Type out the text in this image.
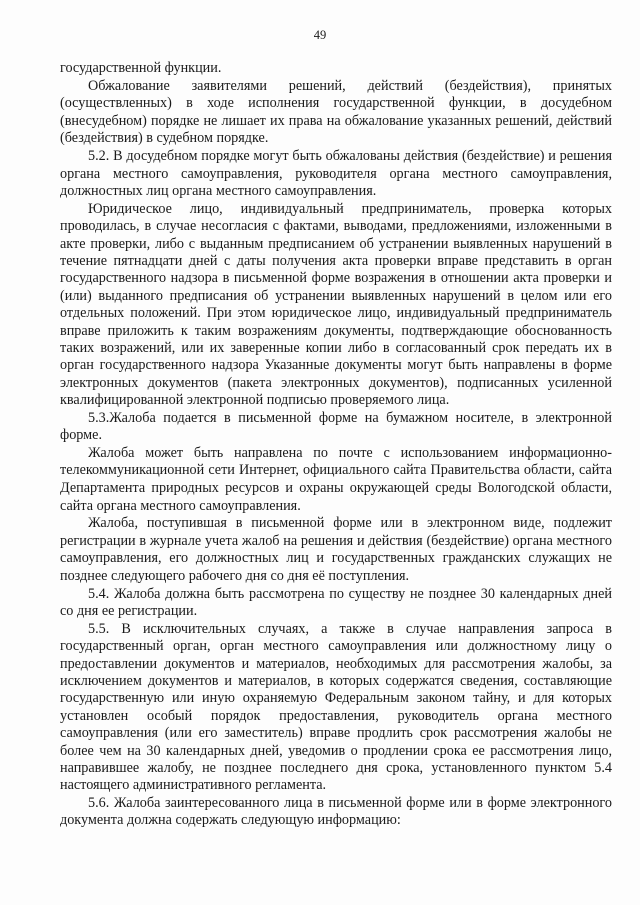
49

государственной функции.

Обжалование заявителями решений, действий (бездействия), принятых (осуществленных) в ходе исполнения государственной функции, в досудебном (внесудебном) порядке не лишает их права на обжалование указанных решений, действий (бездействия) в судебном порядке.

5.2. В досудебном порядке могут быть обжалованы действия (бездействие) и решения органа местного самоуправления, руководителя органа местного самоуправления, должностных лиц органа местного самоуправления.

Юридическое лицо, индивидуальный предприниматель, проверка которых проводилась, в случае несогласия с фактами, выводами, предложениями, изложенными в акте проверки, либо с выданным предписанием об устранении выявленных нарушений в течение пятнадцати дней с даты получения акта проверки вправе представить в орган государственного надзора в письменной форме возражения в отношении акта проверки и (или) выданного предписания об устранении выявленных нарушений в целом или его отдельных положений. При этом юридическое лицо, индивидуальный предприниматель вправе приложить к таким возражениям документы, подтверждающие обоснованность таких возражений, или их заверенные копии либо в согласованный срок передать их в орган государственного надзора Указанные документы могут быть направлены в форме электронных документов (пакета электронных документов), подписанных усиленной квалифицированной электронной подписью проверяемого лица.

5.3.Жалоба подается в письменной форме на бумажном носителе, в электронной форме.

Жалоба может быть направлена по почте с использованием информационно-телекоммуникационной сети Интернет, официального сайта Правительства области, сайта Департамента природных ресурсов и охраны окружающей среды Вологодской области, сайта органа местного самоуправления.

Жалоба, поступившая в письменной форме или в электронном виде, подлежит регистрации в журнале учета жалоб на решения и действия (бездействие) органа местного самоуправления, его должностных лиц и государственных гражданских служащих не позднее следующего рабочего дня со дня её поступления.

5.4. Жалоба должна быть рассмотрена по существу не позднее 30 календарных дней со дня ее регистрации.

5.5. В исключительных случаях, а также в случае направления запроса в государственный орган, орган местного самоуправления или должностному лицу о предоставлении документов и материалов, необходимых для рассмотрения жалобы, за исключением документов и материалов, в которых содержатся сведения, составляющие государственную или иную охраняемую Федеральным законом тайну, и для которых установлен особый порядок предоставления, руководитель органа местного самоуправления (или его заместитель) вправе продлить срок рассмотрения жалобы не более чем на 30 календарных дней, уведомив о продлении срока ее рассмотрения лицо, направившее жалобу, не позднее последнего дня срока, установленного пунктом 5.4 настоящего административного регламента.

5.6. Жалоба заинтересованного лица в письменной форме или в форме электронного документа должна содержать следующую информацию:
